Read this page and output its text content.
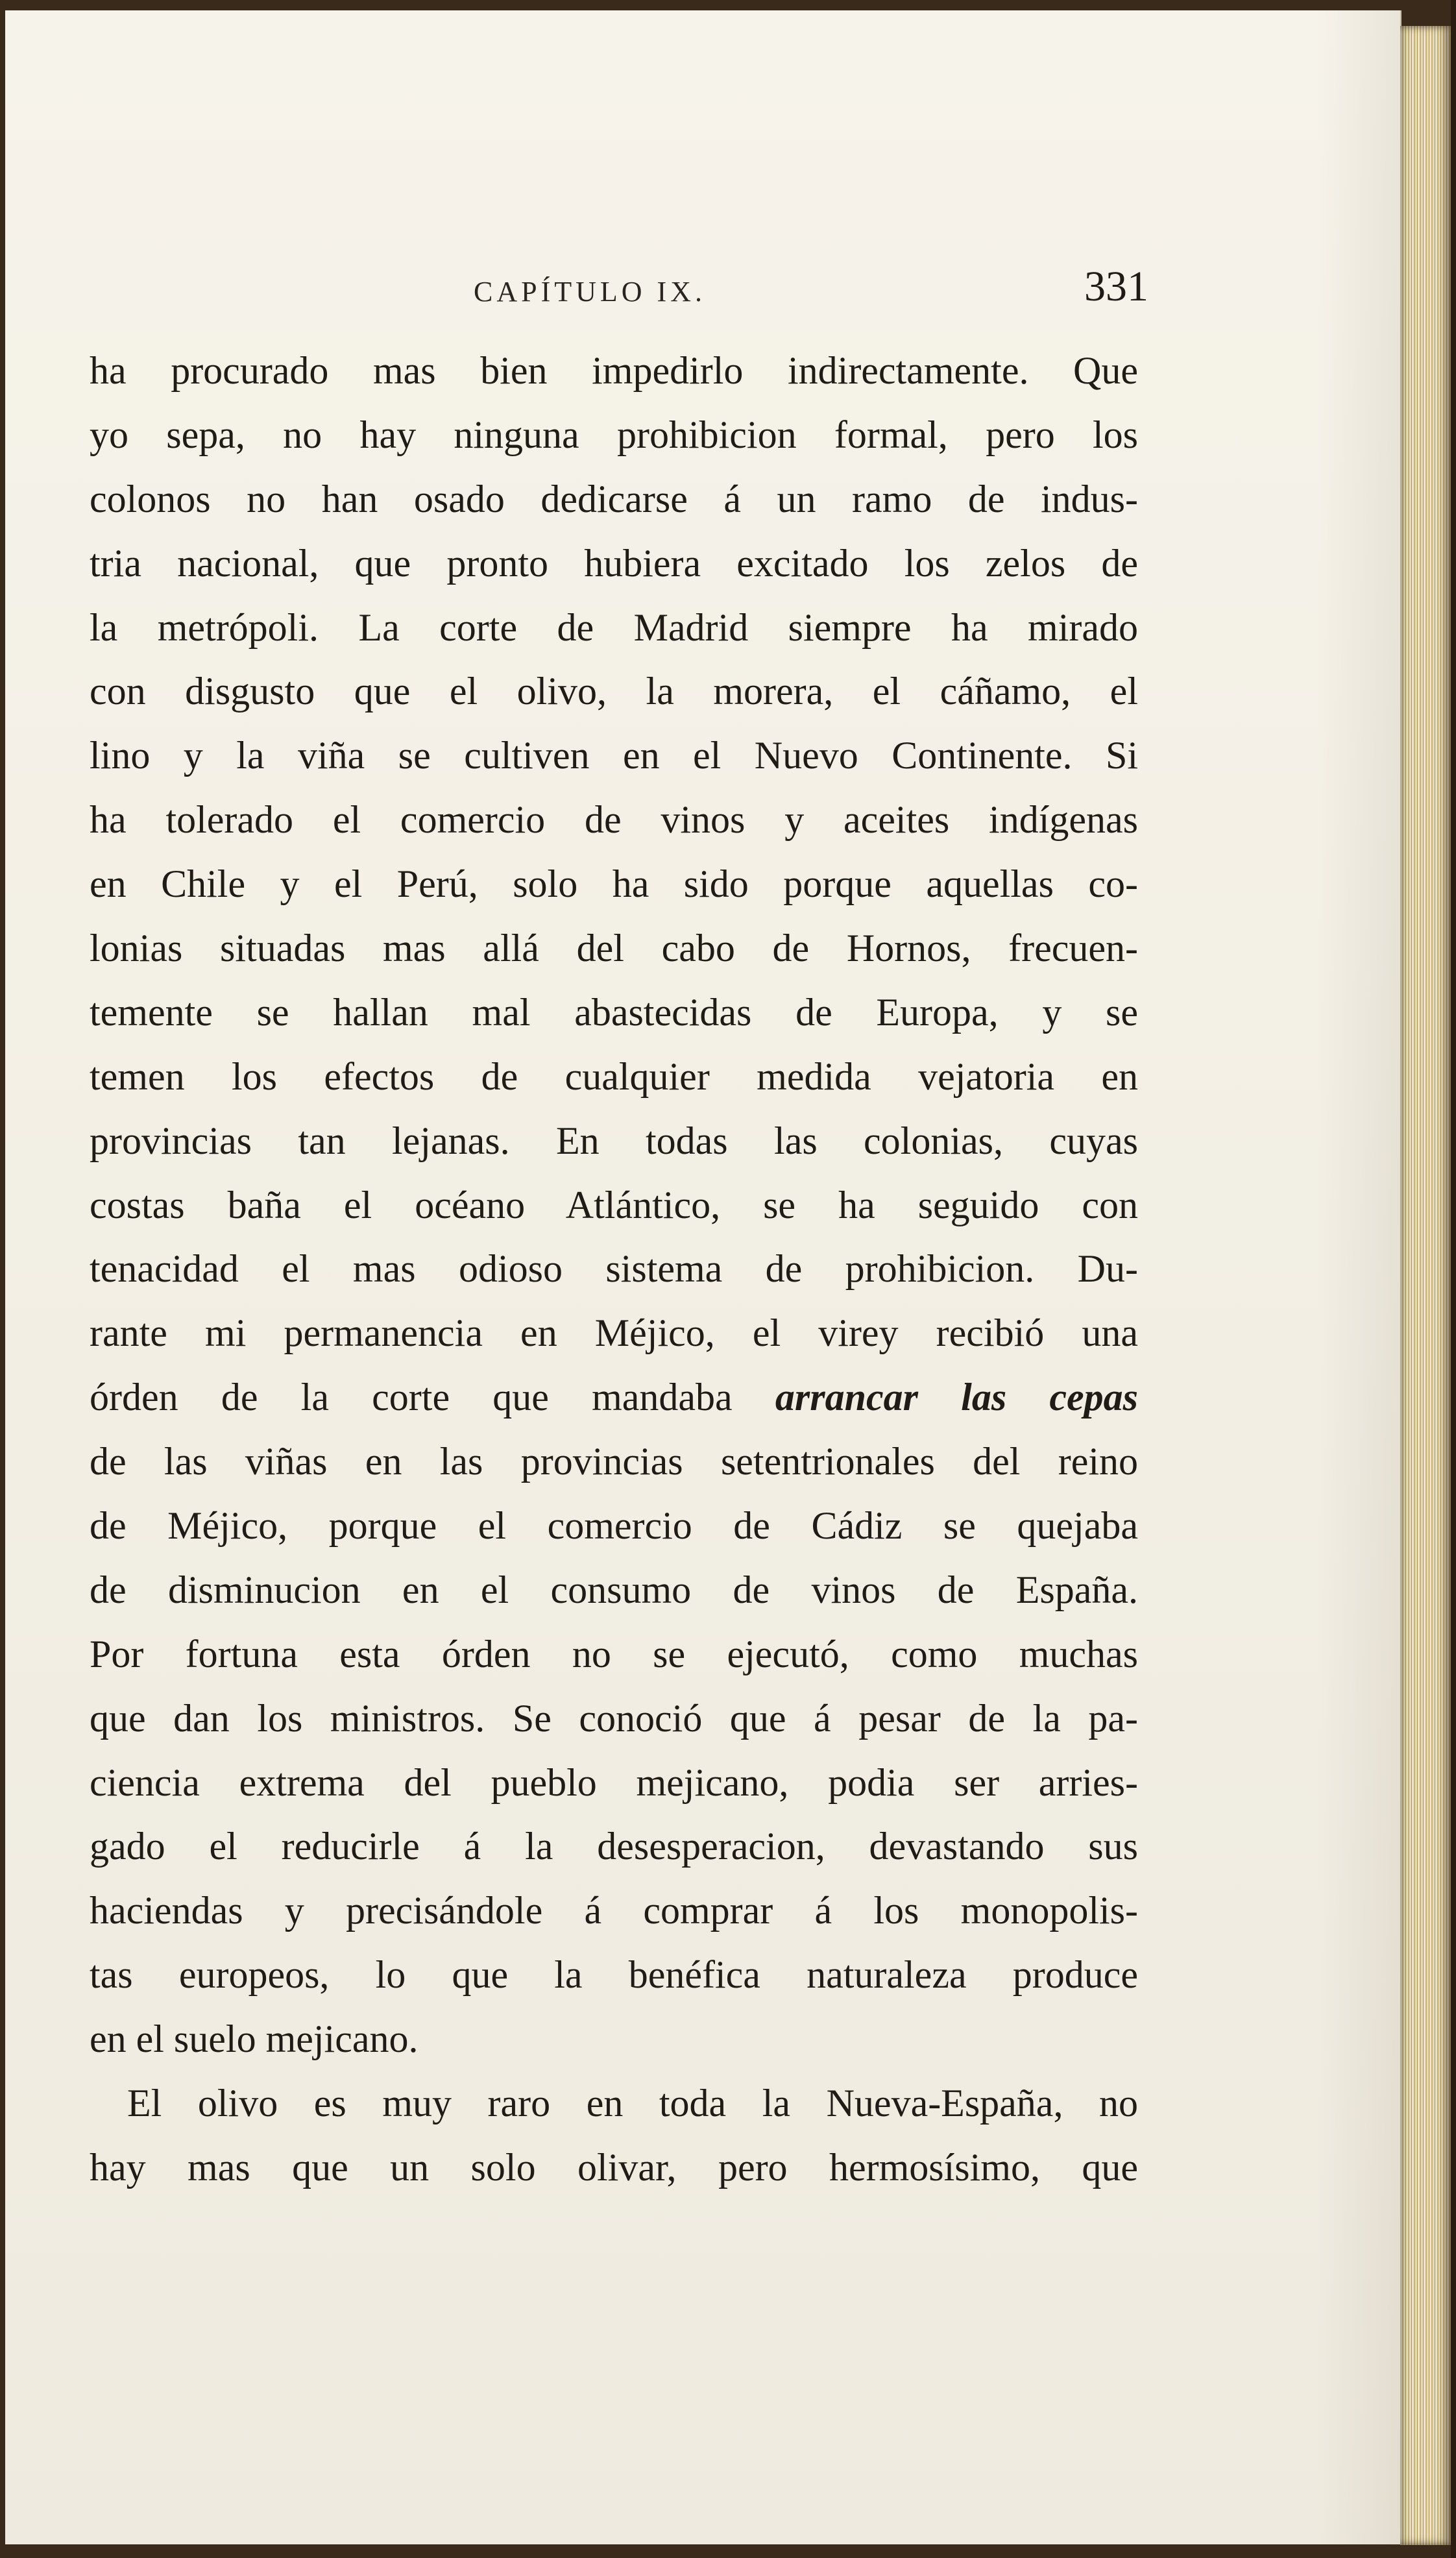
CAPÍTULO IX.	331
ha procurado mas bien impedirlo indirectamente. Que
yo sepa, no hay ninguna prohibicion formal, pero los
colonos no han osado dedicarse á un ramo de indus-
tria nacional, que pronto hubiera excitado los zelos de
la metrópoli. La corte de Madrid siempre ha mirado
con disgusto que el olivo, la morera, el cáñamo, el
lino y la viña se cultiven en el Nuevo Continente. Si
ha tolerado el comercio de vinos y aceites indígenas
en Chile y el Perú, solo ha sido porque aquellas co-
lonias situadas mas allá del cabo de Hornos, frecuen-
temente se hallan mal abastecidas de Europa, y se
temen los efectos de cualquier medida vejatoria en
provincias tan lejanas. En todas las colonias, cuyas
costas baña el océano Atlántico, se ha seguido con
tenacidad el mas odioso sistema de prohibicion. Du-
rante mi permanencia en Méjico, el virey recibió una
órden de la corte que mandaba arrancar las cepas
de las viñas en las provincias setentrionales del reino
de Méjico, porque el comercio de Cádiz se quejaba
de disminucion en el consumo de vinos de España.
Por fortuna esta órden no se ejecutó, como muchas
que dan los ministros. Se conoció que á pesar de la pa-
ciencia extrema del pueblo mejicano, podia ser arries-
gado el reducirle á la desesperacion, devastando sus
haciendas y precisándole á comprar á los monopolis-
tas europeos, lo que la benéfica naturaleza produce
en el suelo mejicano.
El olivo es muy raro en toda la Nueva-España, no
hay mas que un solo olivar, pero hermosísimo, que
